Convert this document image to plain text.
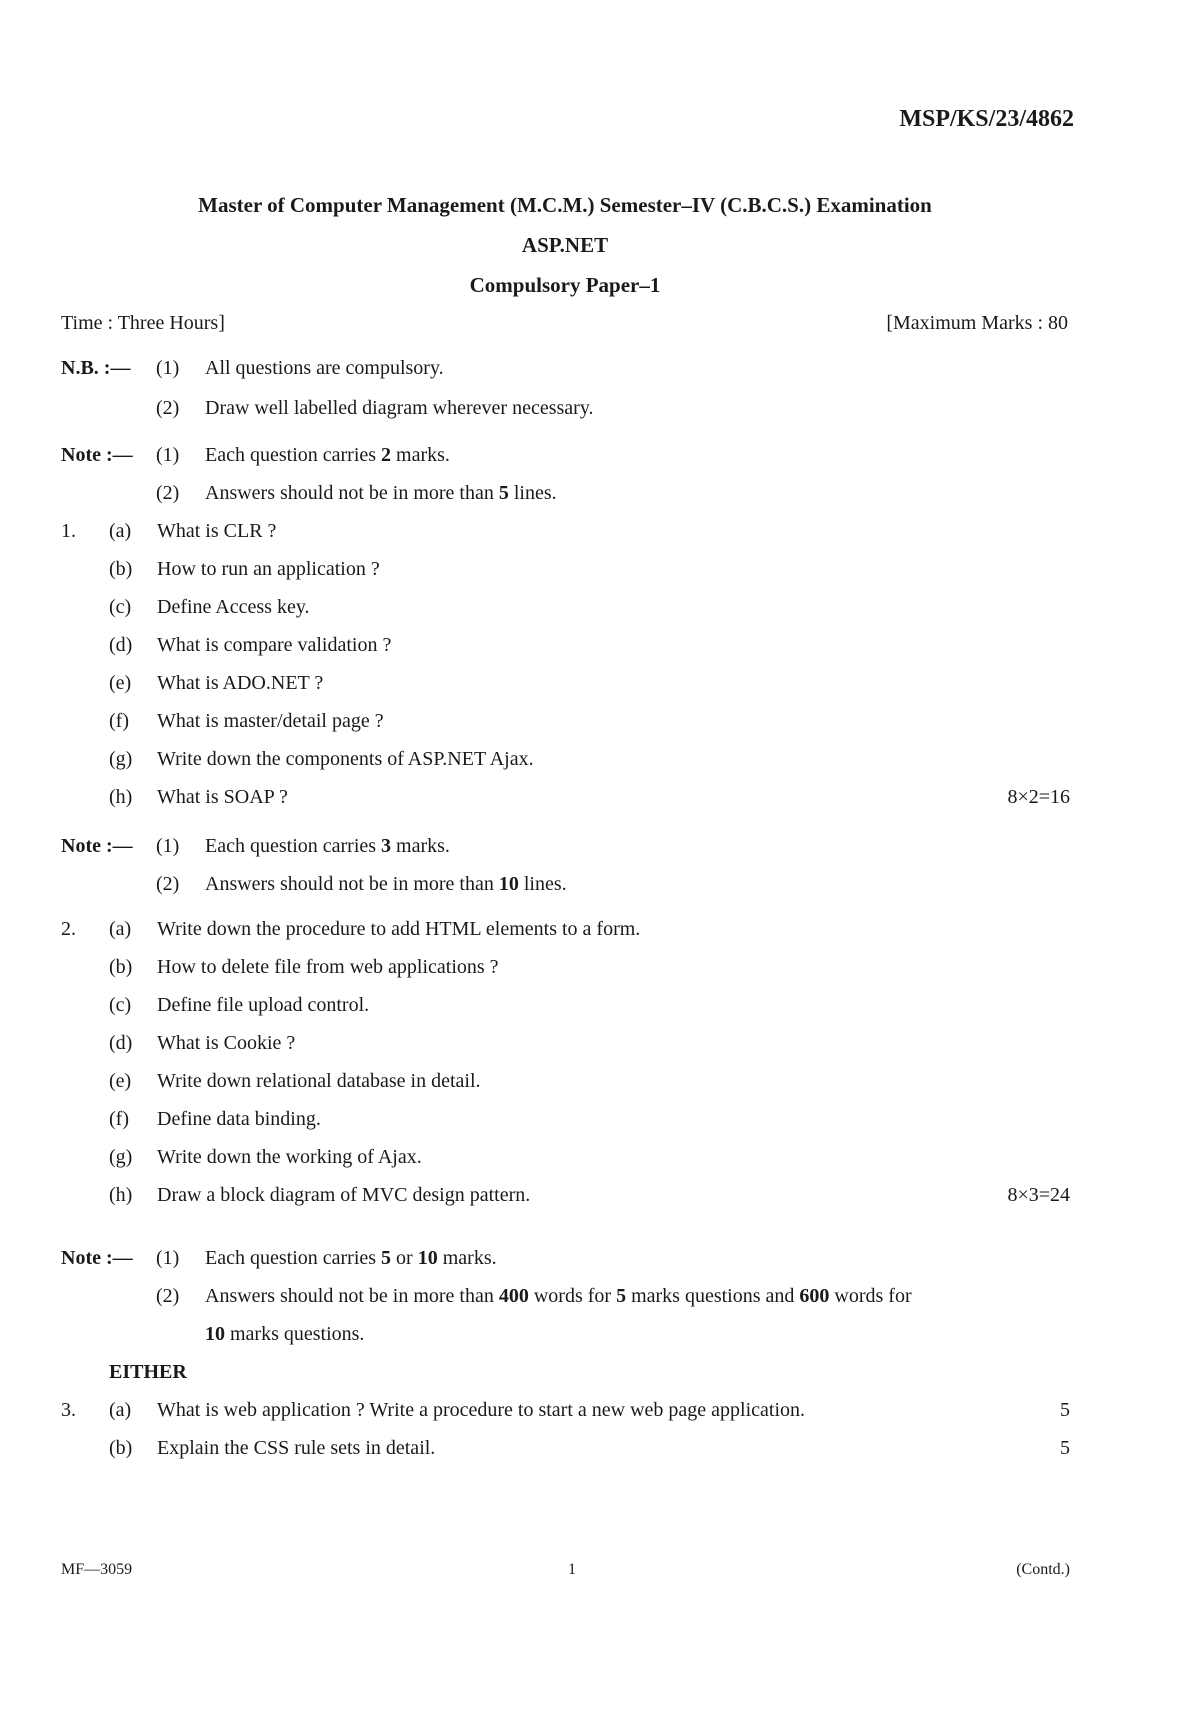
MSP/KS/23/4862
Master of Computer Management (M.C.M.) Semester–IV (C.B.C.S.) Examination
ASP.NET
Compulsory Paper–1
Time : Three Hours]	[Maximum Marks : 80
N.B. :— (1) All questions are compulsory.
(2) Draw well labelled diagram wherever necessary.
Note :— (1) Each question carries 2 marks.
(2) Answers should not be in more than 5 lines.
1. (a) What is CLR ?
(b) How to run an application ?
(c) Define Access key.
(d) What is compare validation ?
(e) What is ADO.NET ?
(f) What is master/detail page ?
(g) Write down the components of ASP.NET Ajax.
(h) What is SOAP ?	8×2=16
Note :— (1) Each question carries 3 marks.
(2) Answers should not be in more than 10 lines.
2. (a) Write down the procedure to add HTML elements to a form.
(b) How to delete file from web applications ?
(c) Define file upload control.
(d) What is Cookie ?
(e) Write down relational database in detail.
(f) Define data binding.
(g) Write down the working of Ajax.
(h) Draw a block diagram of MVC design pattern.	8×3=24
Note :— (1) Each question carries 5 or 10 marks.
(2) Answers should not be in more than 400 words for 5 marks questions and 600 words for
10 marks questions.
EITHER
3. (a) What is web application ? Write a procedure to start a new web page application.	5
(b) Explain the CSS rule sets in detail.	5
MF—3059	1	(Contd.)
